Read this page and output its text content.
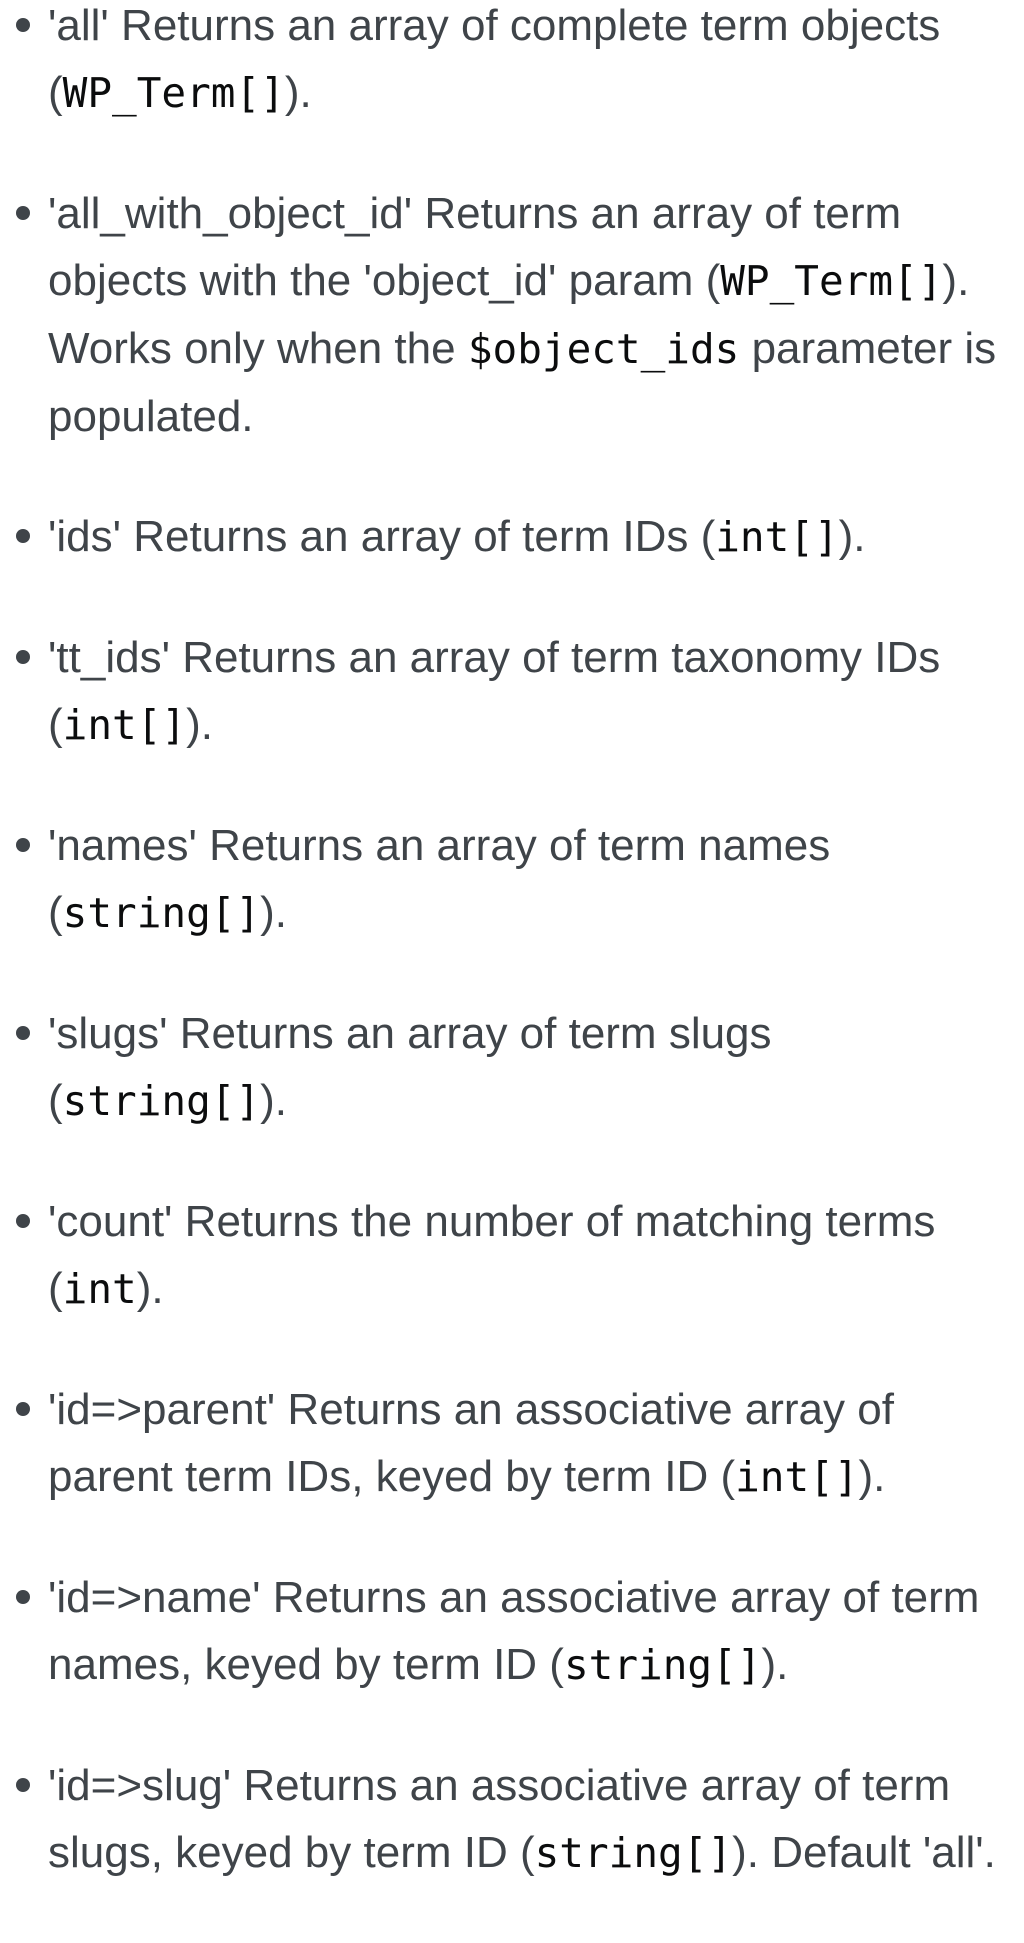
'all' Returns an array of complete term objects (WP_Term[]).
'all_with_object_id' Returns an array of term objects with the 'object_id' param (WP_Term[]). Works only when the $object_ids parameter is populated.
'ids' Returns an array of term IDs (int[]).
'tt_ids' Returns an array of term taxonomy IDs (int[]).
'names' Returns an array of term names (string[]).
'slugs' Returns an array of term slugs (string[]).
'count' Returns the number of matching terms (int).
'id=>parent' Returns an associative array of parent term IDs, keyed by term ID (int[]).
'id=>name' Returns an associative array of term names, keyed by term ID (string[]).
'id=>slug' Returns an associative array of term slugs, keyed by term ID (string[]). Default 'all'.
